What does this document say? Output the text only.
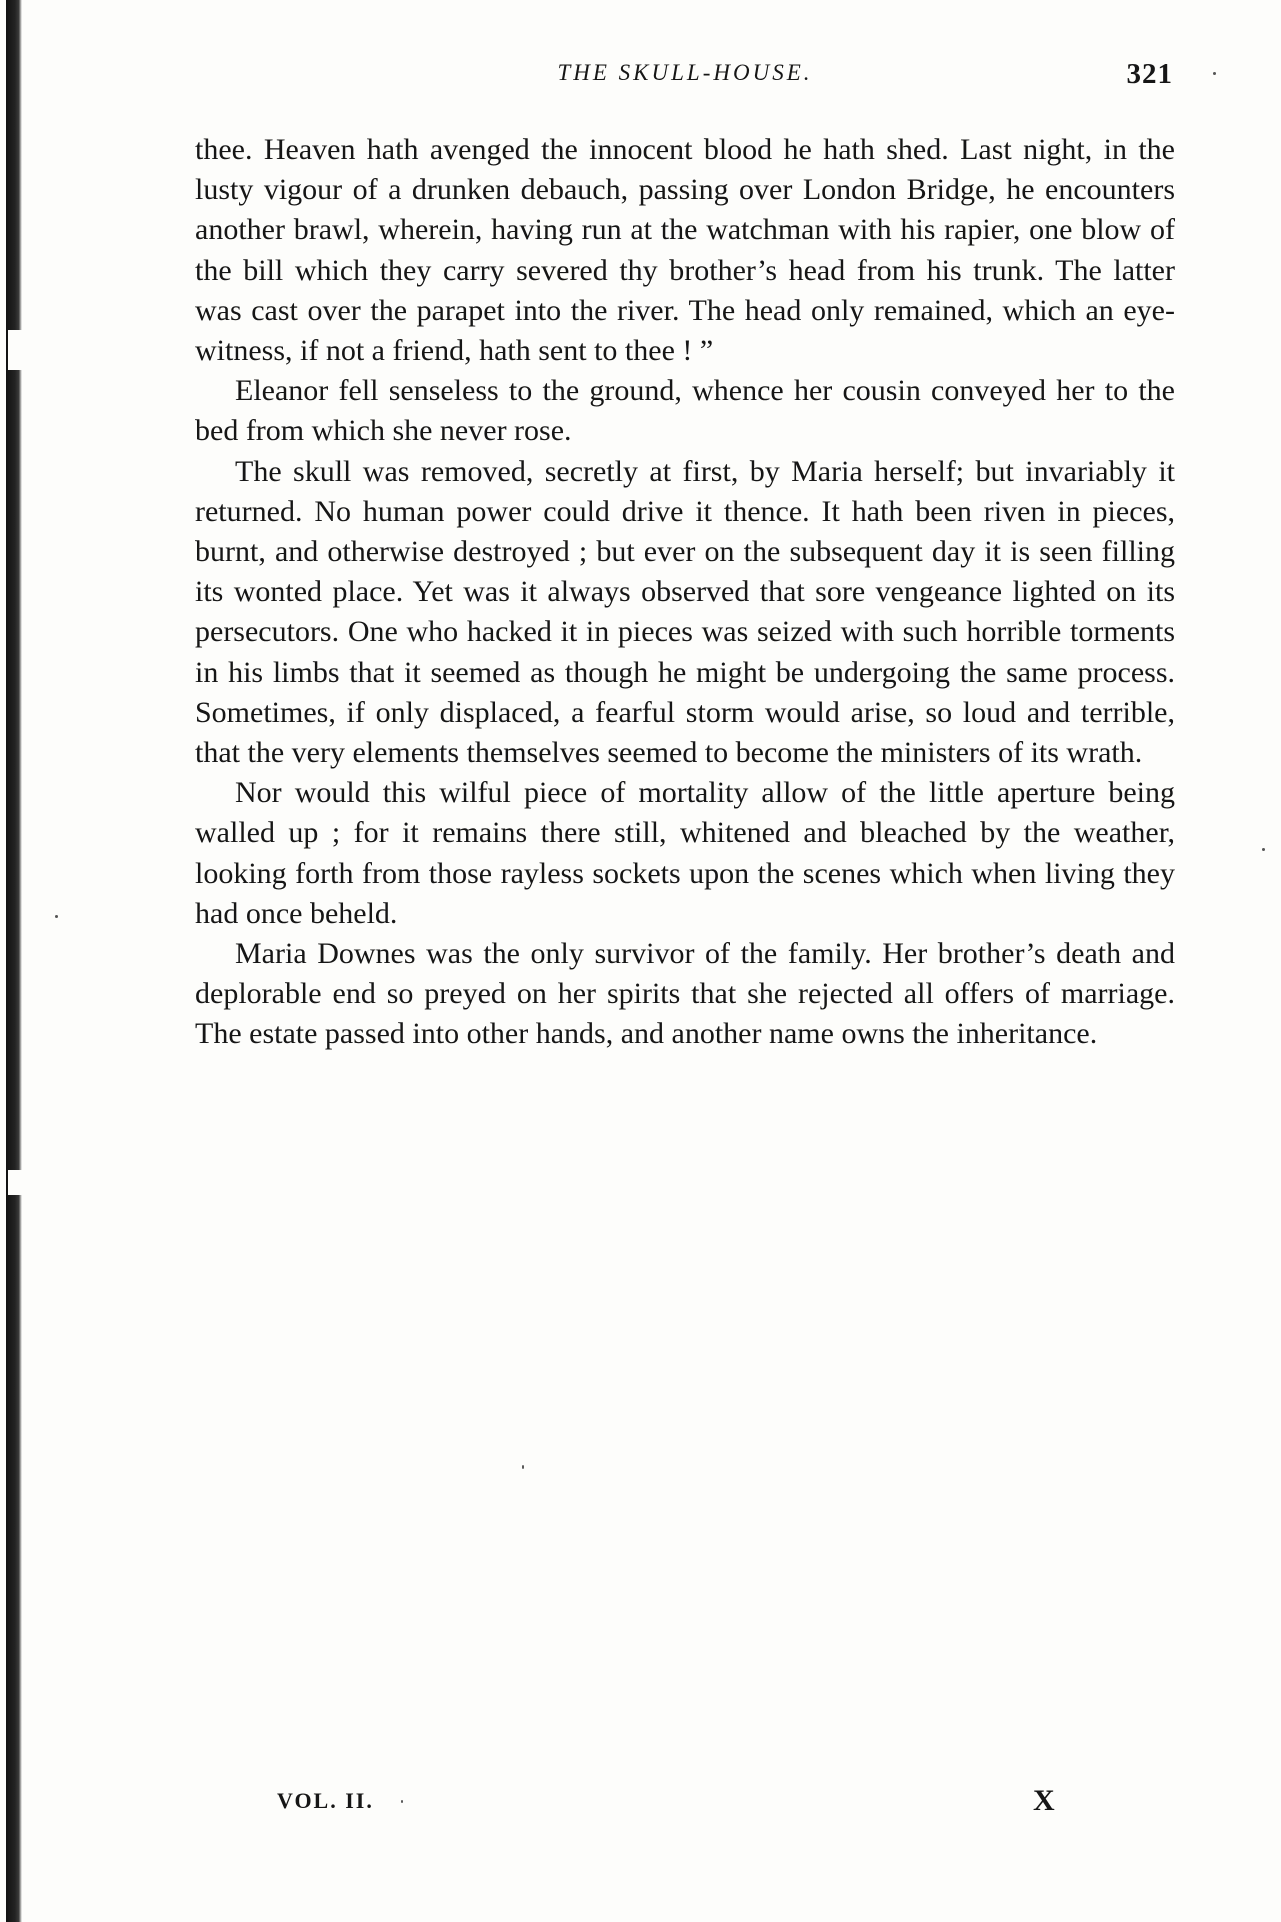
THE SKULL-HOUSE.	321

thee. Heaven hath avenged the innocent blood he hath shed. Last night, in the lusty vigour of a drunken debauch, passing over London Bridge, he encounters another brawl, wherein, having run at the watchman with his rapier, one blow of the bill which they carry severed thy brother’s head from his trunk. The latter was cast over the parapet into the river. The head only remained, which an eye-witness, if not a friend, hath sent to thee ! ”

Eleanor fell senseless to the ground, whence her cousin conveyed her to the bed from which she never rose.

The skull was removed, secretly at first, by Maria herself; but invariably it returned. No human power could drive it thence. It hath been riven in pieces, burnt, and otherwise destroyed ; but ever on the subsequent day it is seen filling its wonted place. Yet was it always observed that sore vengeance lighted on its persecutors. One who hacked it in pieces was seized with such horrible torments in his limbs that it seemed as though he might be undergoing the same process. Sometimes, if only displaced, a fearful storm would arise, so loud and terrible, that the very elements themselves seemed to become the ministers of its wrath.

Nor would this wilful piece of mortality allow of the little aperture being walled up ; for it remains there still, whitened and bleached by the weather, looking forth from those rayless sockets upon the scenes which when living they had once beheld.

Maria Downes was the only survivor of the family. Her brother’s death and deplorable end so preyed on her spirits that she rejected all offers of marriage. The estate passed into other hands, and another name owns the inheritance.

VOL. II.	X
